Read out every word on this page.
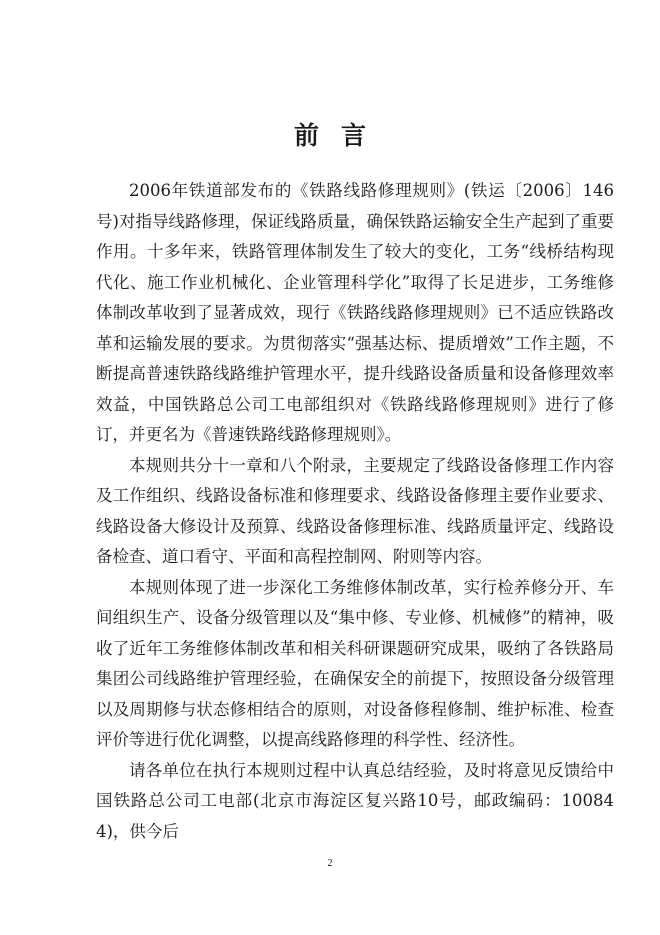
前言

2006年铁道部发布的《铁路线路修理规则》(铁运〔2006〕146号)对指导线路修理，保证线路质量，确保铁路运输安全生产起到了重要作用。十多年来，铁路管理体制发生了较大的变化，工务“线桥结构现代化、施工作业机械化、企业管理科学化”取得了长足进步，工务维修体制改革收到了显著成效，现行《铁路线路修理规则》已不适应铁路改革和运输发展的要求。为贯彻落实“强基达标、提质增效”工作主题，不断提高普速铁路线路维护管理水平，提升线路设备质量和设备修理效率效益，中国铁路总公司工电部组织对《铁路线路修理规则》进行了修订，并更名为《普速铁路线路修理规则》。

本规则共分十一章和八个附录，主要规定了线路设备修理工作内容及工作组织、线路设备标准和修理要求、线路设备修理主要作业要求、线路设备大修设计及预算、线路设备修理标准、线路质量评定、线路设备检查、道口看守、平面和高程控制网、附则等内容。

本规则体现了进一步深化工务维修体制改革，实行检养修分开、车间组织生产、设备分级管理以及“集中修、专业修、机械修”的精神，吸收了近年工务维修体制改革和相关科研课题研究成果，吸纳了各铁路局集团公司线路维护管理经验，在确保安全的前提下，按照设备分级管理以及周期修与状态修相结合的原则，对设备修程修制、维护标准、检查评价等进行优化调整，以提高线路修理的科学性、经济性。

请各单位在执行本规则过程中认真总结经验，及时将意见反馈给中国铁路总公司工电部(北京市海淀区复兴路10号，邮政编码：100844)，供今后

2
